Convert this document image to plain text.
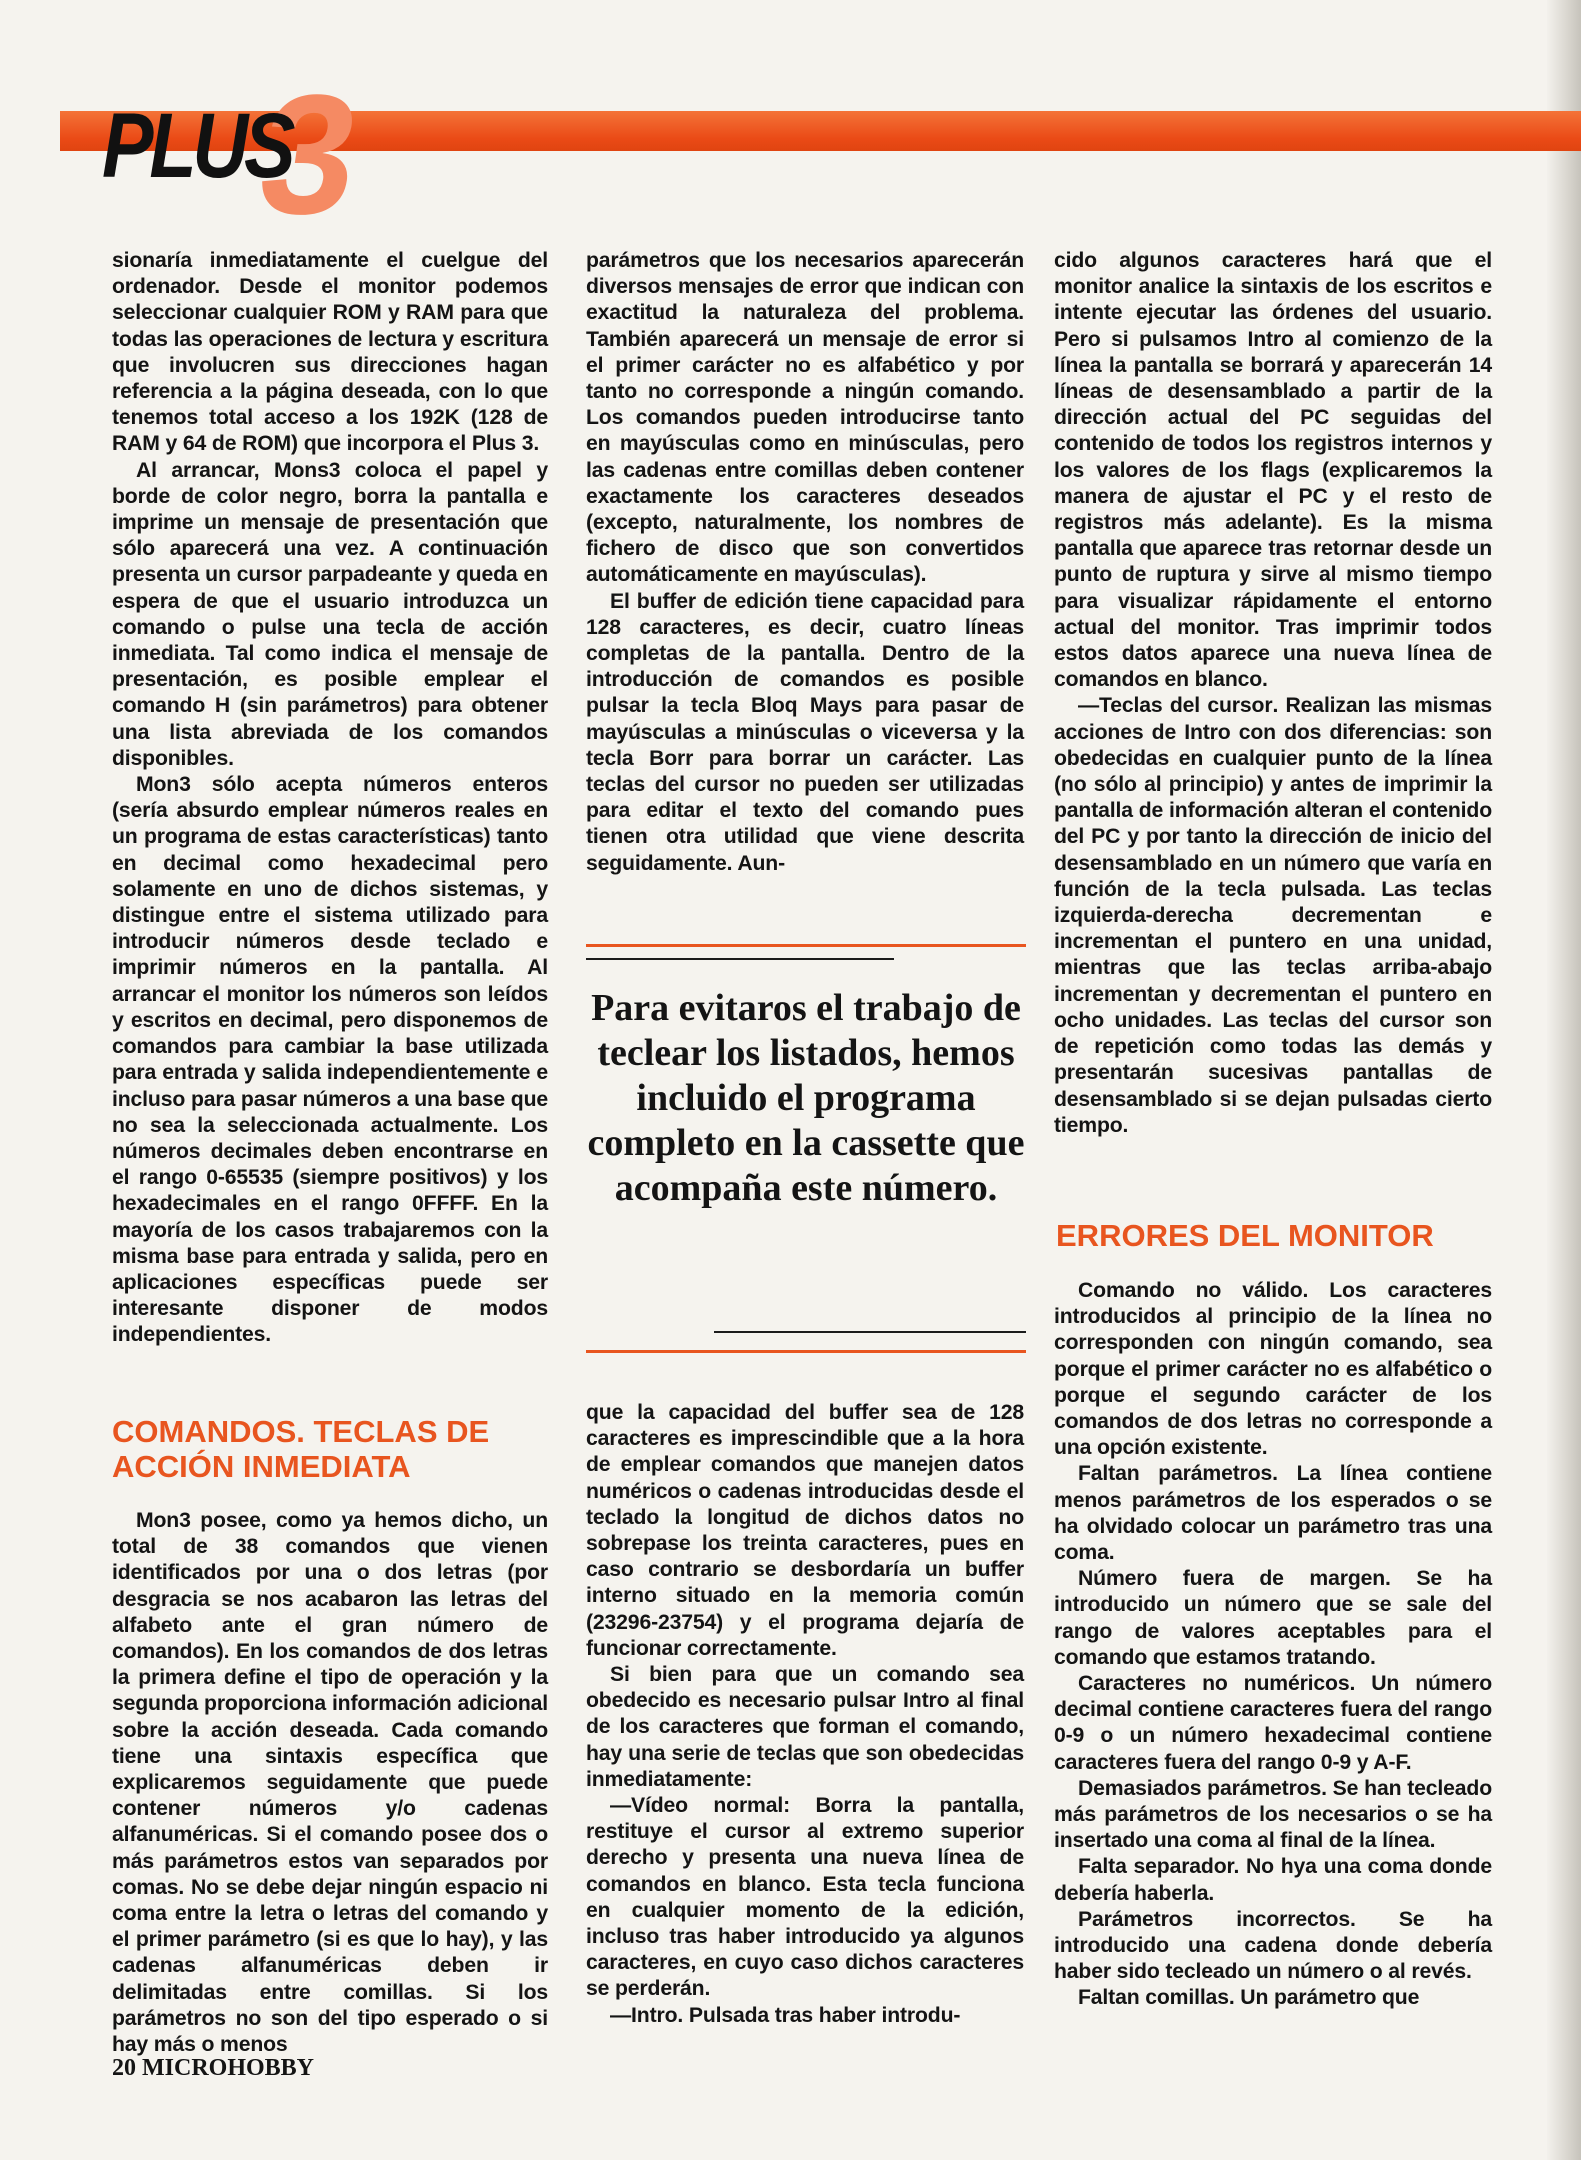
3
PLUS

sionaría inmediatamente el cuelgue del ordenador. Desde el monitor podemos seleccionar cualquier ROM y RAM para que todas las operaciones de lectura y escritura que involucren sus direcciones hagan referencia a la página deseada, con lo que tenemos total acceso a los 192K (128 de RAM y 64 de ROM) que incorpora el Plus 3.

Al arrancar, Mons3 coloca el papel y borde de color negro, borra la pantalla e imprime un mensaje de presentación que sólo aparecerá una vez. A continuación presenta un cursor parpadeante y queda en espera de que el usuario introduzca un comando o pulse una tecla de acción inmediata. Tal como indica el mensaje de presentación, es posible emplear el comando H (sin parámetros) para obtener una lista abreviada de los comandos disponibles.

Mon3 sólo acepta números enteros (sería absurdo emplear números reales en un programa de estas características) tanto en decimal como hexadecimal pero solamente en uno de dichos sistemas, y distingue entre el sistema utilizado para introducir números desde teclado e imprimir números en la pantalla. Al arrancar el monitor los números son leídos y escritos en decimal, pero disponemos de comandos para cambiar la base utilizada para entrada y salida independientemente e incluso para pasar números a una base que no sea la seleccionada actualmente. Los números decimales deben encontrarse en el rango 0-65535 (siempre positivos) y los hexadecimales en el rango 0FFFF. En la mayoría de los casos trabajaremos con la misma base para entrada y salida, pero en aplicaciones específicas puede ser interesante disponer de modos independientes.

COMANDOS. TECLAS DE ACCIÓN INMEDIATA

Mon3 posee, como ya hemos dicho, un total de 38 comandos que vienen identificados por una o dos letras (por desgracia se nos acabaron las letras del alfabeto ante el gran número de comandos). En los comandos de dos letras la primera define el tipo de operación y la segunda proporciona información adicional sobre la acción deseada. Cada comando tiene una sintaxis específica que explicaremos seguidamente que puede contener números y/o cadenas alfanuméricas. Si el comando posee dos o más parámetros estos van separados por comas. No se debe dejar ningún espacio ni coma entre la letra o letras del comando y el primer parámetro (si es que lo hay), y las cadenas alfanuméricas deben ir delimitadas entre comillas. Si los parámetros no son del tipo esperado o si hay más o menos

parámetros que los necesarios aparecerán diversos mensajes de error que indican con exactitud la naturaleza del problema. También aparecerá un mensaje de error si el primer carácter no es alfabético y por tanto no corresponde a ningún comando. Los comandos pueden introducirse tanto en mayúsculas como en minúsculas, pero las cadenas entre comillas deben contener exactamente los caracteres deseados (excepto, naturalmente, los nombres de fichero de disco que son convertidos automáticamente en mayúsculas).

El buffer de edición tiene capacidad para 128 caracteres, es decir, cuatro líneas completas de la pantalla. Dentro de la introducción de comandos es posible pulsar la tecla Bloq Mays para pasar de mayúsculas a minúsculas o viceversa y la tecla Borr para borrar un carácter. Las teclas del cursor no pueden ser utilizadas para editar el texto del comando pues tienen otra utilidad que viene descrita seguidamente. Aun-

Para evitaros el trabajo de teclear los listados, hemos incluido el programa completo en la cassette que acompaña este número.

que la capacidad del buffer sea de 128 caracteres es imprescindible que a la hora de emplear comandos que manejen datos numéricos o cadenas introducidas desde el teclado la longitud de dichos datos no sobrepase los treinta caracteres, pues en caso contrario se desbordaría un buffer interno situado en la memoria común (23296-23754) y el programa dejaría de funcionar correctamente.

Si bien para que un comando sea obedecido es necesario pulsar Intro al final de los caracteres que forman el comando, hay una serie de teclas que son obedecidas inmediatamente:

—Vídeo normal: Borra la pantalla, restituye el cursor al extremo superior derecho y presenta una nueva línea de comandos en blanco. Esta tecla funciona en cualquier momento de la edición, incluso tras haber introducido ya algunos caracteres, en cuyo caso dichos caracteres se perderán.

—Intro. Pulsada tras haber introdu-

cido algunos caracteres hará que el monitor analice la sintaxis de los escritos e intente ejecutar las órdenes del usuario. Pero si pulsamos Intro al comienzo de la línea la pantalla se borrará y aparecerán 14 líneas de desensamblado a partir de la dirección actual del PC seguidas del contenido de todos los registros internos y los valores de los flags (explicaremos la manera de ajustar el PC y el resto de registros más adelante). Es la misma pantalla que aparece tras retornar desde un punto de ruptura y sirve al mismo tiempo para visualizar rápidamente el entorno actual del monitor. Tras imprimir todos estos datos aparece una nueva línea de comandos en blanco.

—Teclas del cursor. Realizan las mismas acciones de Intro con dos diferencias: son obedecidas en cualquier punto de la línea (no sólo al principio) y antes de imprimir la pantalla de información alteran el contenido del PC y por tanto la dirección de inicio del desensamblado en un número que varía en función de la tecla pulsada. Las teclas izquierda-derecha decrementan e incrementan el puntero en una unidad, mientras que las teclas arriba-abajo incrementan y decrementan el puntero en ocho unidades. Las teclas del cursor son de repetición como todas las demás y presentarán sucesivas pantallas de desensamblado si se dejan pulsadas cierto tiempo.

ERRORES DEL MONITOR

Comando no válido. Los caracteres introducidos al principio de la línea no corresponden con ningún comando, sea porque el primer carácter no es alfabético o porque el segundo carácter de los comandos de dos letras no corresponde a una opción existente.

Faltan parámetros. La línea contiene menos parámetros de los esperados o se ha olvidado colocar un parámetro tras una coma.

Número fuera de margen. Se ha introducido un número que se sale del rango de valores aceptables para el comando que estamos tratando.

Caracteres no numéricos. Un número decimal contiene caracteres fuera del rango 0-9 o un número hexadecimal contiene caracteres fuera del rango 0-9 y A-F.

Demasiados parámetros. Se han tecleado más parámetros de los necesarios o se ha insertado una coma al final de la línea.

Falta separador. No hya una coma donde debería haberla.

Parámetros incorrectos. Se ha introducido una cadena donde debería haber sido tecleado un número o al revés.

Faltan comillas. Un parámetro que

20 MICROHOBBY
